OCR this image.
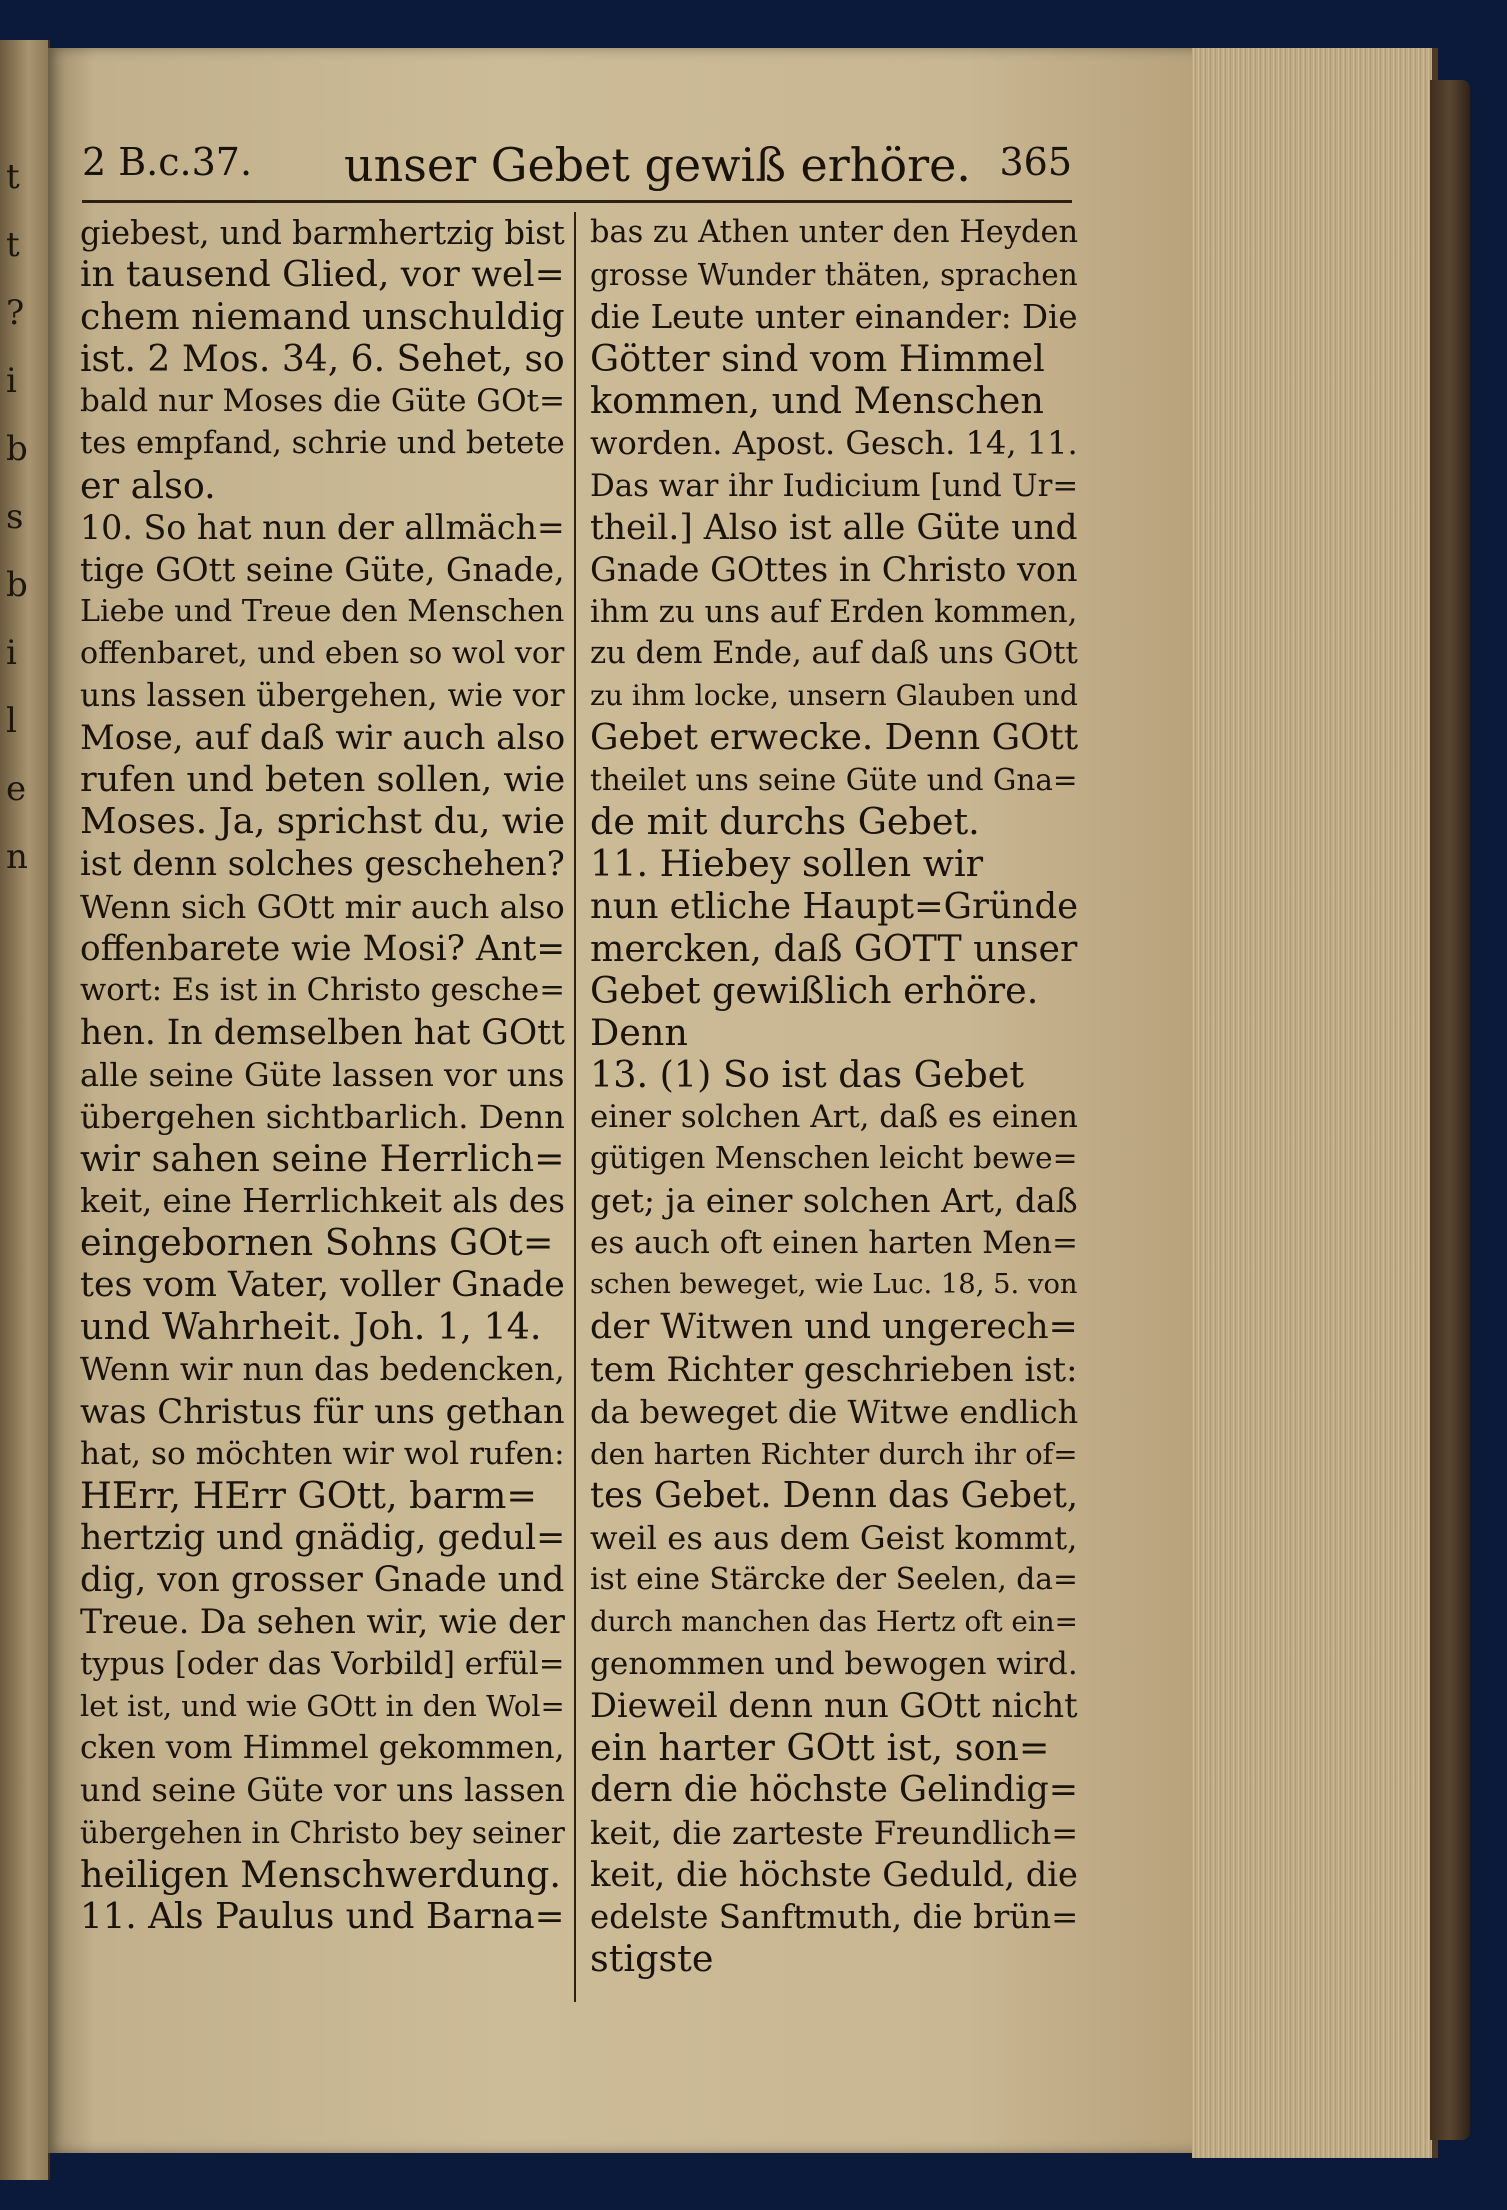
t
t
?
i
b
s
b
i
l
e
n
2 B.c.37. unser Gebet gewiß erhöre. 365
giebest, und barmhertzig bist
in tausend Glied, vor wel=
chem niemand unschuldig
ist. 2 Mos. 34, 6. Sehet, so
bald nur Moses die Güte GOt=
tes empfand, schrie und betete
er also.
10. So hat nun der allmäch=
tige GOtt seine Güte, Gnade,
Liebe und Treue den Menschen
offenbaret, und eben so wol vor
uns lassen übergehen, wie vor
Mose, auf daß wir auch also
rufen und beten sollen, wie
Moses. Ja, sprichst du, wie
ist denn solches geschehen?
Wenn sich GOtt mir auch also
offenbarete wie Mosi? Ant=
wort: Es ist in Christo gesche=
hen. In demselben hat GOtt
alle seine Güte lassen vor uns
übergehen sichtbarlich. Denn
wir sahen seine Herrlich=
keit, eine Herrlichkeit als des
eingebornen Sohns GOt=
tes vom Vater, voller Gnade
und Wahrheit. Joh. 1, 14.
Wenn wir nun das bedencken,
was Christus für uns gethan
hat, so möchten wir wol rufen:
HErr, HErr GOtt, barm=
hertzig und gnädig, gedul=
dig, von grosser Gnade und
Treue. Da sehen wir, wie der
typus [oder das Vorbild] erfül=
let ist, und wie GOtt in den Wol=
cken vom Himmel gekommen,
und seine Güte vor uns lassen
übergehen in Christo bey seiner
heiligen Menschwerdung.
11. Als Paulus und Barna=
bas zu Athen unter den Heyden
grosse Wunder thäten, sprachen
die Leute unter einander: Die
Götter sind vom Himmel
kommen, und Menschen
worden. Apost. Gesch. 14, 11.
Das war ihr Iudicium [und Ur=
theil.] Also ist alle Güte und
Gnade GOttes in Christo von
ihm zu uns auf Erden kommen,
zu dem Ende, auf daß uns GOtt
zu ihm locke, unsern Glauben und
Gebet erwecke. Denn GOtt
theilet uns seine Güte und Gna=
de mit durchs Gebet.
11. Hiebey sollen wir
nun etliche Haupt=Gründe
mercken, daß GOTT unser
Gebet gewißlich erhöre.
Denn
13. (1) So ist das Gebet
einer solchen Art, daß es einen
gütigen Menschen leicht bewe=
get; ja einer solchen Art, daß
es auch oft einen harten Men=
schen beweget, wie Luc. 18, 5. von
der Witwen und ungerech=
tem Richter geschrieben ist:
da beweget die Witwe endlich
den harten Richter durch ihr of=
tes Gebet. Denn das Gebet,
weil es aus dem Geist kommt,
ist eine Stärcke der Seelen, da=
durch manchen das Hertz oft ein=
genommen und bewogen wird.
Dieweil denn nun GOtt nicht
ein harter GOtt ist, son=
dern die höchste Gelindig=
keit, die zarteste Freundlich=
keit, die höchste Geduld, die
edelste Sanftmuth, die brün=
stigste
